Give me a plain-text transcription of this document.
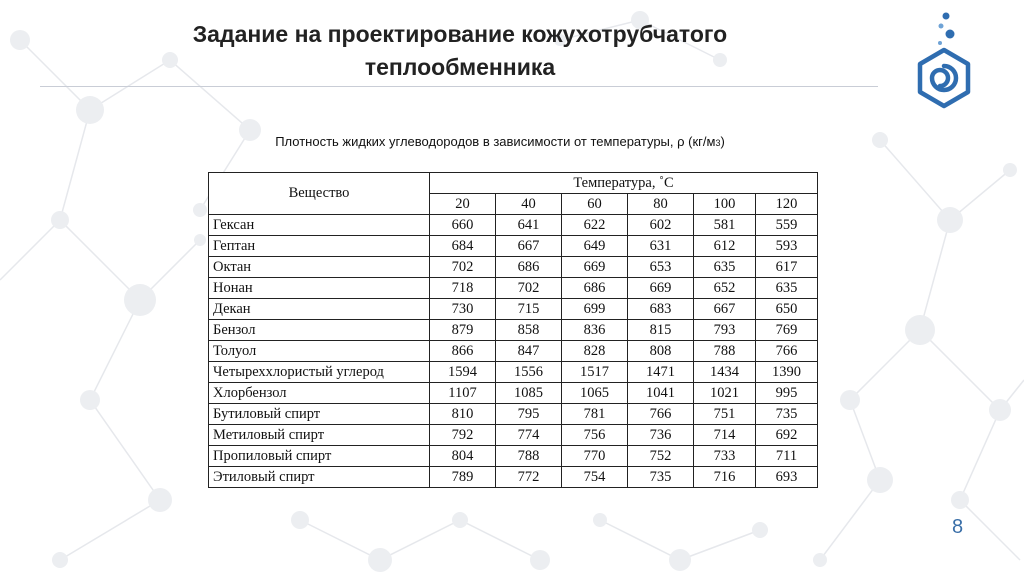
Задание на проектирование кожухотрубчатого
теплообменника
Плотность жидких углеводородов в зависимости от температуры, ρ (кг/м3)
Вещество	Температура, ˚С					
	20	40	60	80	100	120
Гексан	660	641	622	602	581	559
Гептан	684	667	649	631	612	593
Октан	702	686	669	653	635	617
Нонан	718	702	686	669	652	635
Декан	730	715	699	683	667	650
Бензол	879	858	836	815	793	769
Толуол	866	847	828	808	788	766
Четыреххлористый углерод	1594	1556	1517	1471	1434	1390
Хлорбензол	1107	1085	1065	1041	1021	995
Бутиловый спирт	810	795	781	766	751	735
Метиловый спирт	792	774	756	736	714	692
Пропиловый спирт	804	788	770	752	733	711
Этиловый спирт	789	772	754	735	716	693
8
